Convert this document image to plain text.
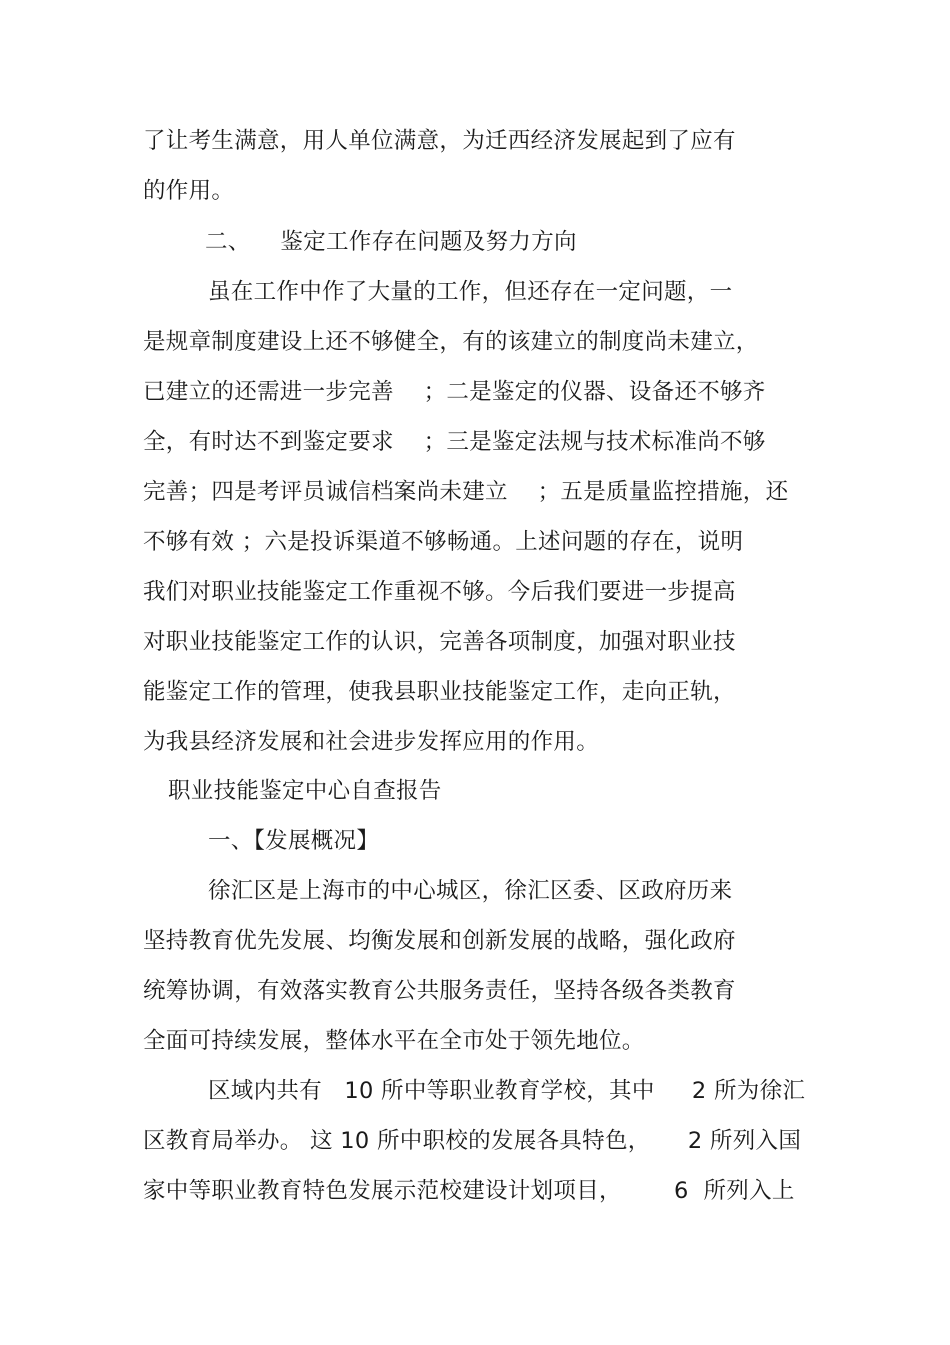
了让考生满意，用人单位满意，为迁西经济发展起到了应有
的作用。
二、    鉴定工作存在问题及努力方向
虽在工作中作了大量的工作，但还存在一定问题，一
是规章制度建设上还不够健全，有的该建立的制度尚未建立，
已建立的还需进一步完善    ；二是鉴定的仪器、设备还不够齐
全，有时达不到鉴定要求    ；三是鉴定法规与技术标准尚不够
完善；四是考评员诚信档案尚未建立    ；五是质量监控措施，还
不够有效 ；六是投诉渠道不够畅通。上述问题的存在，说明
我们对职业技能鉴定工作重视不够。今后我们要进一步提高
对职业技能鉴定工作的认识，完善各项制度，加强对职业技
能鉴定工作的管理，使我县职业技能鉴定工作，走向正轨，
为我县经济发展和社会进步发挥应用的作用。
职业技能鉴定中心自查报告
一、【发展概况】
徐汇区是上海市的中心城区，徐汇区委、区政府历来
坚持教育优先发展、均衡发展和创新发展的战略，强化政府
统筹协调，有效落实教育公共服务责任，坚持各级各类教育
全面可持续发展，整体水平在全市处于领先地位。
区域内共有   10 所中等职业教育学校，其中     2 所为徐汇
区教育局举办。 这 10 所中职校的发展各具特色，     2 所列入国
家中等职业教育特色发展示范校建设计划项目，       6  所列入上
